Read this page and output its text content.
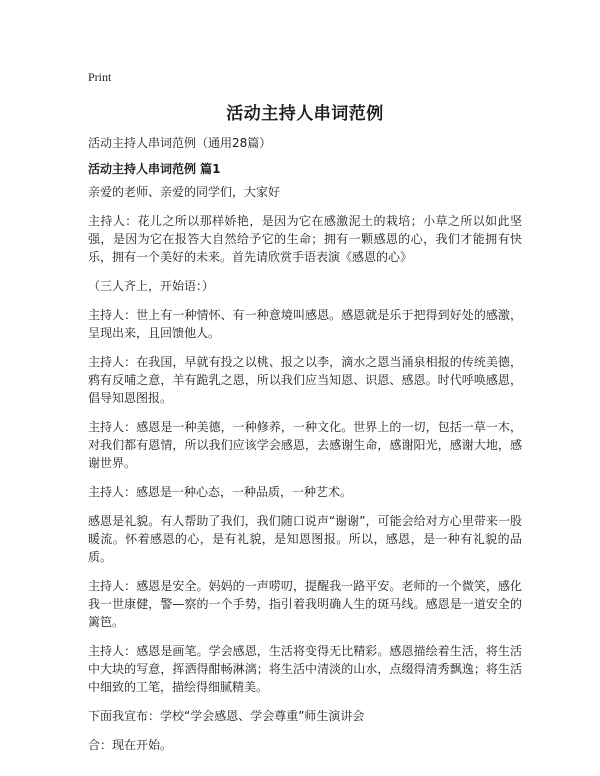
Print
活动主持人串词范例
活动主持人串词范例（通用28篇）
活动主持人串词范例 篇1

亲爱的老师、亲爱的同学们，大家好

主持人：花儿之所以那样娇艳，是因为它在感激泥土的栽培；小草之所以如此坚强，是因为它在报答大自然给予它的生命；拥有一颗感恩的心，我们才能拥有快乐，拥有一个美好的未来。首先请欣赏手语表演《感恩的心》

（三人齐上，开始语：）

主持人：世上有一种情怀、有一种意境叫感恩。感恩就是乐于把得到好处的感激，呈现出来，且回馈他人。

主持人：在我国，早就有投之以桃、报之以李，滴水之恩当涌泉相报的传统美德，鸦有反哺之意，羊有跪乳之恩，所以我们应当知恩、识恩、感恩。时代呼唤感恩，倡导知恩图报。

主持人：感恩是一种美德，一种修养，一种文化。世界上的一切，包括一草一木，对我们都有恩情，所以我们应该学会感恩，去感谢生命，感谢阳光，感谢大地，感谢世界。

主持人：感恩是一种心态，一种品质，一种艺术。

感恩是礼貌。有人帮助了我们，我们随口说声“谢谢”，可能会给对方心里带来一股暖流。怀着感恩的心，是有礼貌，是知恩图报。所以，感恩，是一种有礼貌的品质。

主持人：感恩是安全。妈妈的一声唠叨，提醒我一路平安。老师的一个微笑，感化我一世康健，警—察的一个手势，指引着我明确人生的斑马线。感恩是一道安全的篱笆。

主持人：感恩是画笔。学会感恩，生活将变得无比精彩。感恩描绘着生活，将生活中大块的写意，挥洒得酣畅淋漓；将生活中清淡的山水，点缀得清秀飘逸；将生活中细致的工笔，描绘得细腻精美。

下面我宣布：学校“学会感恩、学会尊重”师生演讲会

合：现在开始。
